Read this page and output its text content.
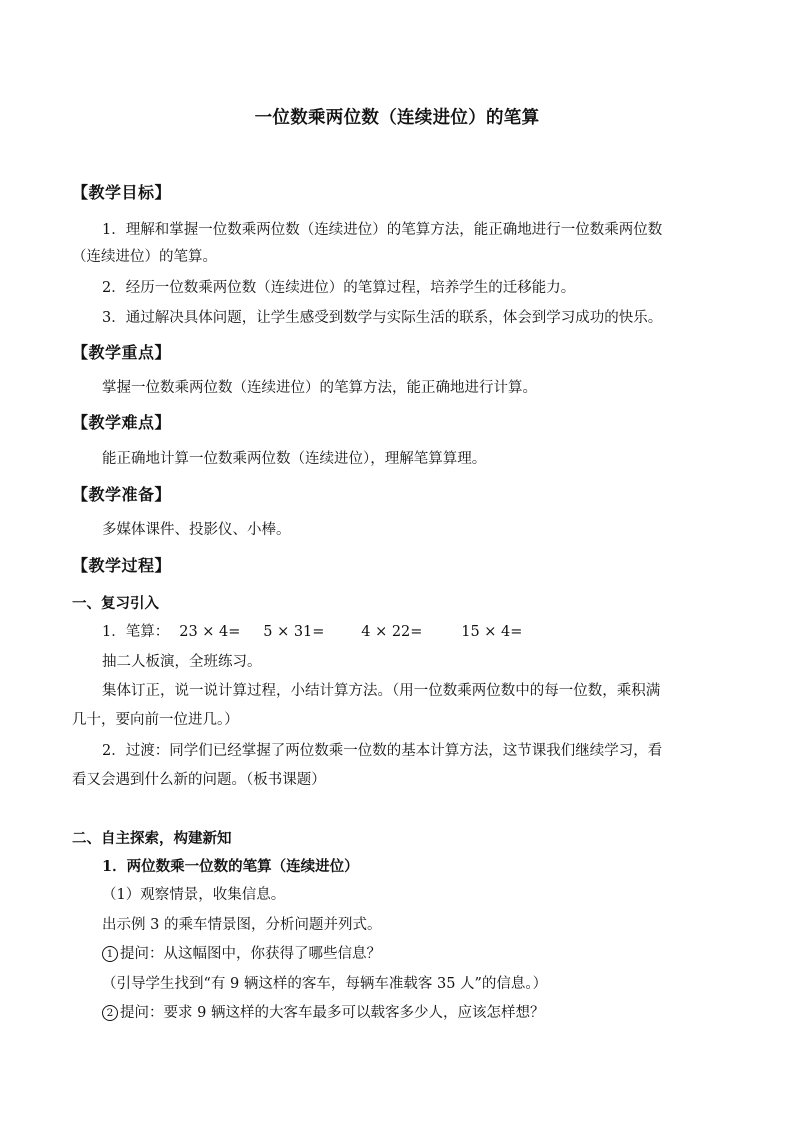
一位数乘两位数（连续进位）的笔算
【教学目标】
1．理解和掌握一位数乘两位数（连续进位）的笔算方法，能正确地进行一位数乘两位数
（连续进位）的笔算。
2．经历一位数乘两位数（连续进位）的笔算过程，培养学生的迁移能力。
3．通过解决具体问题，让学生感受到数学与实际生活的联系，体会到学习成功的快乐。
【教学重点】
掌握一位数乘两位数（连续进位）的笔算方法，能正确地进行计算。
【教学难点】
能正确地计算一位数乘两位数（连续进位），理解笔算算理。
【教学准备】
多媒体课件、投影仪、小棒。
【教学过程】
一、复习引入
1．笔算： 23 × 4= 5 × 31=	4 × 22=	15 × 4=
抽二人板演，全班练习。
集体订正，说一说计算过程，小结计算方法。（用一位数乘两位数中的每一位数，乘积满
几十，要向前一位进几。）
2．过渡：同学们已经掌握了两位数乘一位数的基本计算方法，这节课我们继续学习，看
看又会遇到什么新的问题。（板书课题）
二、自主探索，构建新知
1．两位数乘一位数的笔算（连续进位）
（1）观察情景，收集信息。
出示例 3 的乘车情景图，分析问题并列式。
1 提问：从这幅图中，你获得了哪些信息？
（引导学生找到“有 9 辆这样的客车，每辆车准载客 35 人”的信息。）
2 提问：要求 9 辆这样的大客车最多可以载客多少人，应该怎样想？
